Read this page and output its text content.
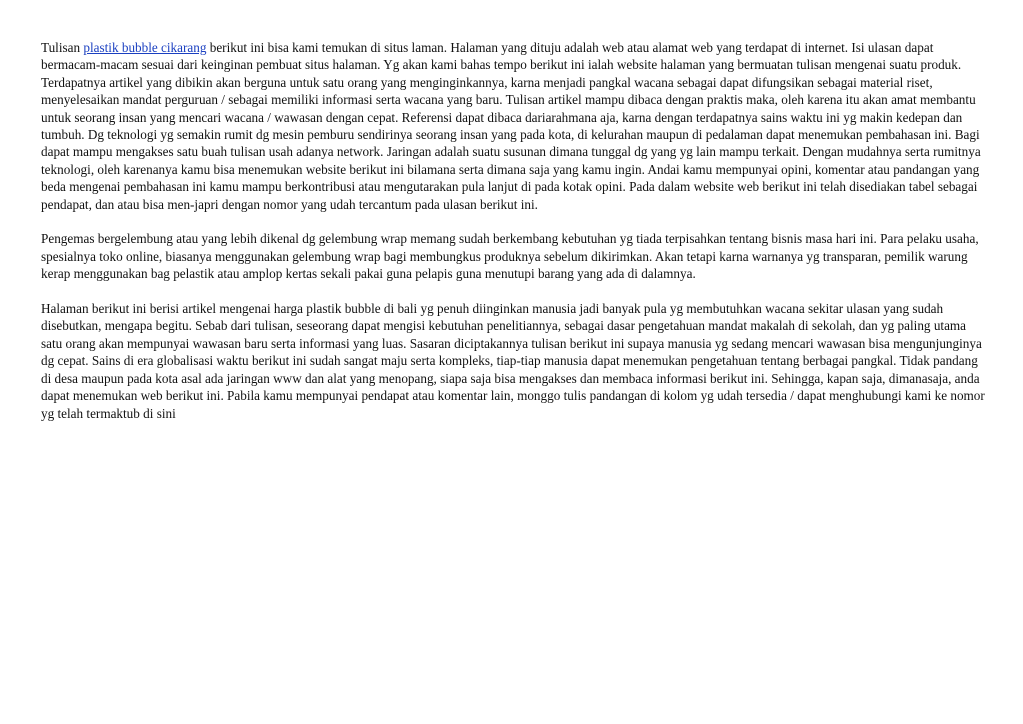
Tulisan plastik bubble cikarang berikut ini bisa kami temukan di situs laman. Halaman yang dituju adalah web atau alamat web yang terdapat di internet. Isi ulasan dapat bermacam-macam sesuai dari keinginan pembuat situs halaman. Yg akan kami bahas tempo berikut ini ialah website halaman yang bermuatan tulisan mengenai suatu produk. Terdapatnya artikel yang dibikin akan berguna untuk satu orang yang menginginkannya, karna menjadi pangkal wacana sebagai dapat difungsikan sebagai material riset, menyelesaikan mandat perguruan / sebagai memiliki informasi serta wacana yang baru. Tulisan artikel mampu dibaca dengan praktis maka, oleh karena itu akan amat membantu untuk seorang insan yang mencari wacana / wawasan dengan cepat. Referensi dapat dibaca dariarahmana aja, karna dengan terdapatnya sains waktu ini yg makin kedepan dan tumbuh. Dg teknologi yg semakin rumit dg mesin pemburu sendirinya seorang insan yang pada kota, di kelurahan maupun di pedalaman dapat menemukan pembahasan ini. Bagi dapat mampu mengakses satu buah tulisan usah adanya network. Jaringan adalah suatu susunan dimana tunggal dg yang yg lain mampu terkait. Dengan mudahnya serta rumitnya teknologi, oleh karenanya kamu bisa menemukan website berikut ini bilamana serta dimana saja yang kamu ingin. Andai kamu mempunyai opini, komentar atau pandangan yang beda mengenai pembahasan ini kamu mampu berkontribusi atau mengutarakan pula lanjut di pada kotak opini. Pada dalam website web berikut ini telah disediakan tabel sebagai pendapat, dan atau bisa men-japri dengan nomor yang udah tercantum pada ulasan berikut ini.

Pengemas bergelembung atau yang lebih dikenal dg gelembung wrap memang sudah berkembang kebutuhan yg tiada terpisahkan tentang bisnis masa hari ini. Para pelaku usaha, spesialnya toko online, biasanya menggunakan gelembung wrap bagi membungkus produknya sebelum dikirimkan. Akan tetapi karna warnanya yg transparan, pemilik warung kerap menggunakan bag pelastik atau amplop kertas sekali pakai guna pelapis guna menutupi barang yang ada di dalamnya.

Halaman berikut ini berisi artikel mengenai harga plastik bubble di bali yg penuh diinginkan manusia jadi banyak pula yg membutuhkan wacana sekitar ulasan yang sudah disebutkan, mengapa begitu. Sebab dari tulisan, seseorang dapat mengisi kebutuhan penelitiannya, sebagai dasar pengetahuan mandat makalah di sekolah, dan yg paling utama satu orang akan mempunyai wawasan baru serta informasi yang luas. Sasaran diciptakannya tulisan berikut ini supaya manusia yg sedang mencari wawasan bisa mengunjunginya dg cepat. Sains di era globalisasi waktu berikut ini sudah sangat maju serta kompleks, tiap-tiap manusia dapat menemukan pengetahuan tentang berbagai pangkal. Tidak pandang di desa maupun pada kota asal ada jaringan www dan alat yang menopang, siapa saja bisa mengakses dan membaca informasi berikut ini. Sehingga, kapan saja, dimanasaja, anda dapat menemukan web berikut ini. Pabila kamu mempunyai pendapat atau komentar lain, monggo tulis pandangan di kolom yg udah tersedia / dapat menghubungi kami ke nomor yg telah termaktub di sini
